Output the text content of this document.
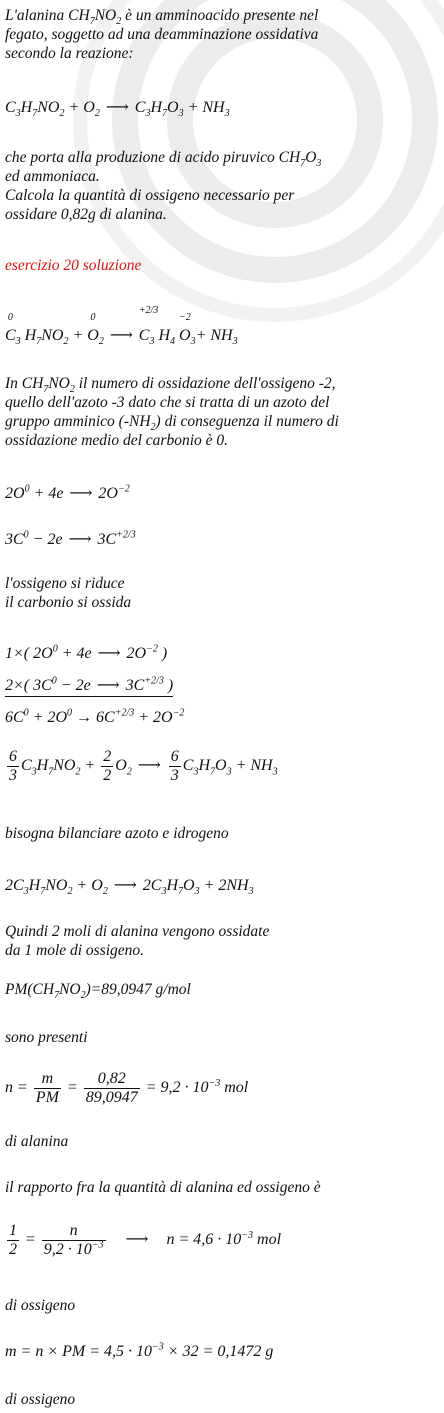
L'alanina $CH_7NO_2$ è un amminoacido presente nel
fegato, soggetto ad una deamminazione ossidativa
secondo la reazione:
$C_3H_7NO_2 + O_2$ ⟶ $C_3H_7O_3 + NH_3$
che porta alla produzione di acido piruvico $CH_7O_3$
ed ammoniaca.
Calcola la quantità di ossigeno necessario per
ossidare 0,82g di alanina.
esercizio 20 soluzione
0
$C_3$ $H_7NO_2$ +
0
$O_2$ ⟶
+2/3
$C_3$ $H_4$
−2
$O_3+ NH_3$
In $CH_7NO_2$ il numero di ossidazione dell'ossigeno -2,
quello dell'azoto -3 dato che si tratta di un azoto del
gruppo amminico $(-NH_2)$ di conseguenza il numero di
ossidazione medio del carbonio è 0.
$2O^0 + 4e$ ⟶ $2O^{-2}$
$3C^0 - 2e$ ⟶ $3C^{+2/3}$
l'ossigeno si riduce
il carbonio si ossida
1×( $2O^0 + 4e$ ⟶ $2O^{-2}$ )
2×( $3C^0 - 2e$ ⟶ $3C^{+2/3}$ )
$6C^0 + 2O^0 \to 6C^{+2/3} + 2O^{-2}$
$\frac{6}{3} C_3H_7NO_2 + \frac{2}{2} O_2$ ⟶ $\frac{6}{3} C_3H_7O_3 + NH_3$
bisogna bilanciare azoto e idrogeno
$2C_3H_7NO_2 + O_2$ ⟶ $2C_3H_7O_3 + 2NH_3$
Quindi 2 moli di alanina vengono ossidate
da 1 mole di ossigeno.
$PM(CH_7NO_2)=89,0947$ g/mol
sono presenti
$n = \frac{m}{PM} = \frac{0,82}{89,0947} = 9,2 \cdot 10^{-3}$ mol
di alanina
il rapporto fra la quantità di alanina ed ossigeno è
$\frac{1}{2} = \frac{n}{9,2 \cdot 10^{-3}}$ ⟶ $n = 4,6 \cdot 10^{-3}$ mol
di ossigeno
m = n × PM = $4,5 \cdot 10^{-3} \times 32 = 0,1472$ g
di ossigeno
